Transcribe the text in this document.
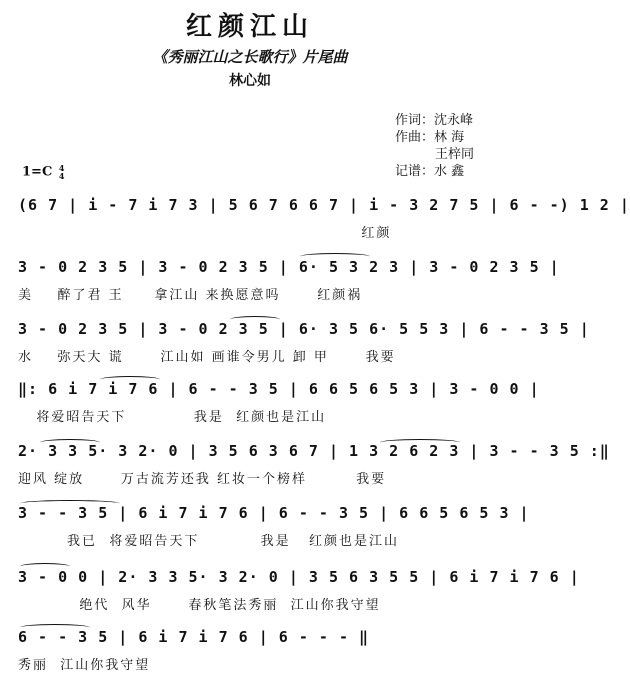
红颜江山
《秀丽江山之长歌行》片尾曲
林心如
作词：沈永峰
作曲：林 海
王梓同
记谱：水 鑫
1=C 4
4
(6 7 | i - 7 i 7 3 | 5 6 7 6 6 7 | i - 3 2 7 5 | 6 - -) 1 2 |
红颜
3 - 0 2 3 5 | 3 - 0 2 3 5 | 6· 5 3 2 3 | 3 - 0 2 3 5 |
美    醉了君 王     拿江山 来换愿意吗      红颜祸
3 - 0 2 3 5 | 3 - 0 2 3 5 | 6· 3 5 6· 5 5 3 | 6 - - 3 5 |
水    弥天大 谎      江山如 画谁令男儿 卸 甲      我要
‖: 6 i 7 i 7 6 | 6 - - 3 5 | 6 6 5 6 5 3 | 3 - 0 0 |
将爱昭告天下           我是  红颜也是江山
2· 3 3 5· 3 2· 0 | 3 5 6 3 6 7 | 1 3 2 6 2 3 | 3 - - 3 5 :‖
迎风 绽放      万古流芳还我 红妆一个榜样        我要
3 - - 3 5 | 6 i 7 i 7 6 | 6 - - 3 5 | 6 6 5 6 5 3 |
我已  将爱昭告天下          我是   红颜也是江山
3 - 0 0 | 2· 3 3 5· 3 2· 0 | 3 5 6 3 5 5 | 6 i 7 i 7 6 |
绝代  风华      春秋笔法秀丽  江山你我守望
6 - - 3 5 | 6 i 7 i 7 6 | 6 - - - ‖
秀丽  江山你我守望
